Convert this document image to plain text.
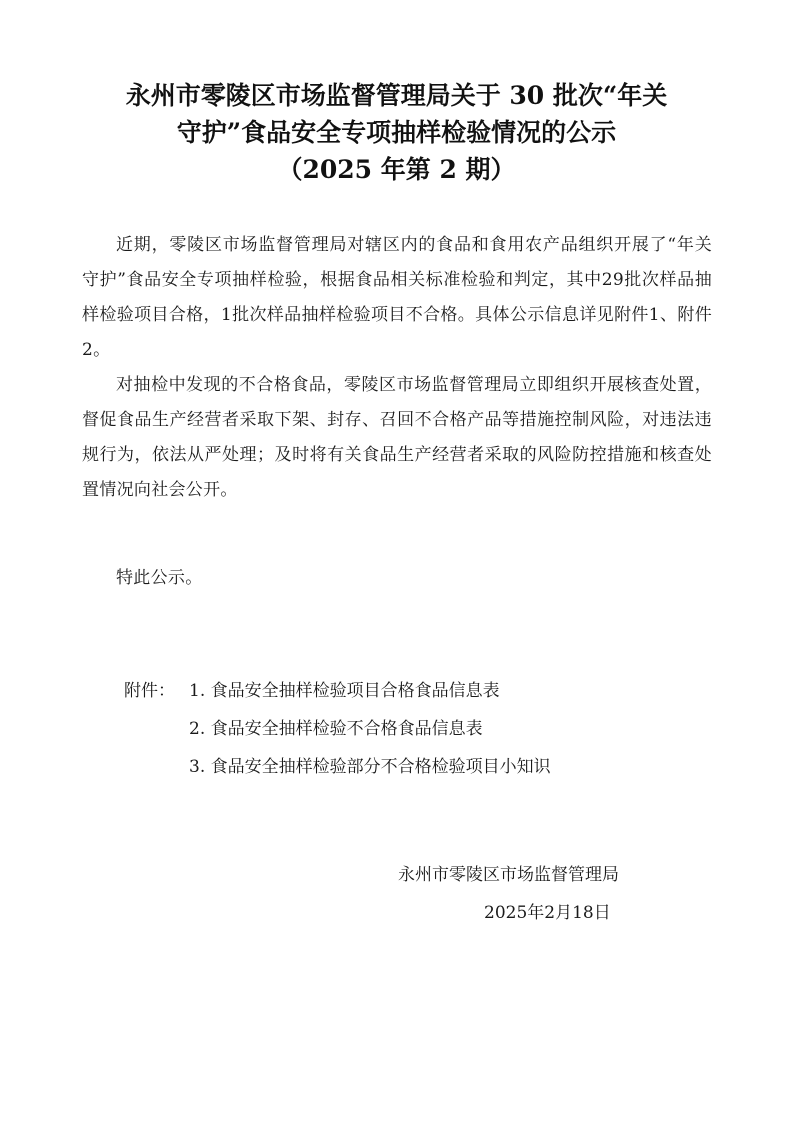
永州市零陵区市场监督管理局关于 30 批次“年关
守护”食品安全专项抽样检验情况的公示
（2025 年第 2 期）

近期，零陵区市场监督管理局对辖区内的食品和食用农产品组织开展了“年关守护”食品安全专项抽样检验，根据食品相关标准检验和判定，其中29批次样品抽样检验项目合格，1批次样品抽样检验项目不合格。具体公示信息详见附件1、附件2。

对抽检中发现的不合格食品，零陵区市场监督管理局立即组织开展核查处置，督促食品生产经营者采取下架、封存、召回不合格产品等措施控制风险，对违法违规行为，依法从严处理；及时将有关食品生产经营者采取的风险防控措施和核查处置情况向社会公开。

特此公示。

附件： 1. 食品安全抽样检验项目合格食品信息表
2. 食品安全抽样检验不合格食品信息表
3. 食品安全抽样检验部分不合格检验项目小知识
永州市零陵区市场监督管理局
2025年2月18日
